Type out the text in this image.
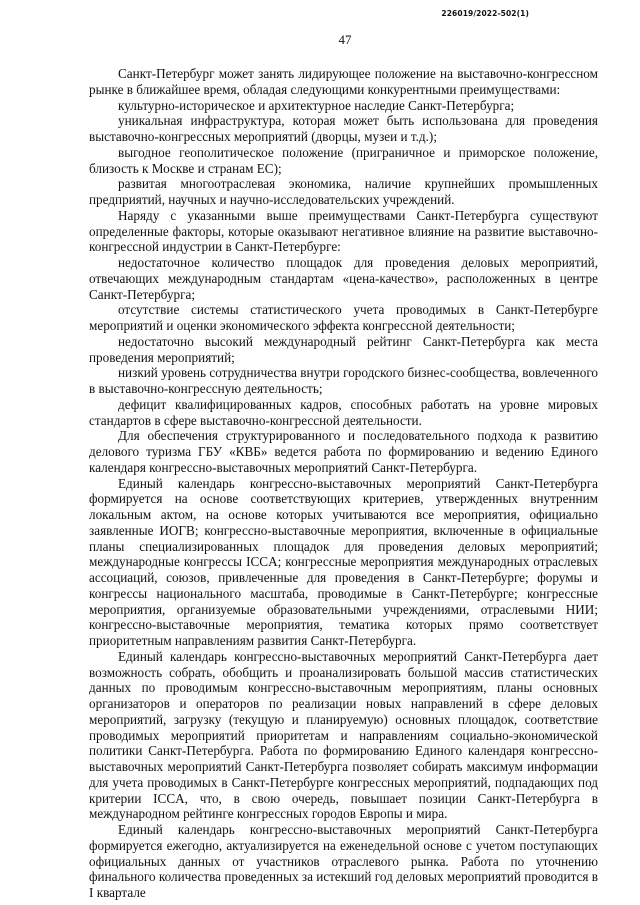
226019/2022-502(1)
47

Санкт-Петербург может занять лидирующее положение на выставочно-конгрессном рынке в ближайшее время, обладая следующими конкурентными преимуществами:

культурно-историческое и архитектурное наследие Санкт-Петербурга;

уникальная инфраструктура, которая может быть использована для проведения выставочно-конгрессных мероприятий (дворцы, музеи и т.д.);

выгодное геополитическое положение (приграничное и приморское положение, близость к Москве и странам ЕС);

развитая многоотраслевая экономика, наличие крупнейших промышленных предприятий, научных и научно-исследовательских учреждений.

Наряду с указанными выше преимуществами Санкт-Петербурга существуют определенные факторы, которые оказывают негативное влияние на развитие выставочно-конгрессной индустрии в Санкт-Петербурге:

недостаточное количество площадок для проведения деловых мероприятий, отвечающих международным стандартам «цена-качество», расположенных в центре Санкт-Петербурга;

отсутствие системы статистического учета проводимых в Санкт-Петербурге мероприятий и оценки экономического эффекта конгрессной деятельности;

недостаточно высокий международный рейтинг Санкт-Петербурга как места проведения мероприятий;

низкий уровень сотрудничества внутри городского бизнес-сообщества, вовлеченного в выставочно-конгрессную деятельность;

дефицит квалифицированных кадров, способных работать на уровне мировых стандартов в сфере выставочно-конгрессной деятельности.

Для обеспечения структурированного и последовательного подхода к развитию делового туризма ГБУ «КВБ» ведется работа по формированию и ведению Единого календаря конгрессно-выставочных мероприятий Санкт-Петербурга.

Единый календарь конгрессно-выставочных мероприятий Санкт-Петербурга формируется на основе соответствующих критериев, утвержденных внутренним локальным актом, на основе которых учитываются все мероприятия, официально заявленные ИОГВ; конгрессно-выставочные мероприятия, включенные в официальные планы специализированных площадок для проведения деловых мероприятий; международные конгрессы ICCA; конгрессные мероприятия международных отраслевых ассоциаций, союзов, привлеченные для проведения в Санкт-Петербурге; форумы и конгрессы национального масштаба, проводимые в Санкт-Петербурге; конгрессные мероприятия, организуемые образовательными учреждениями, отраслевыми НИИ; конгрессно-выставочные мероприятия, тематика которых прямо соответствует приоритетным направлениям развития Санкт-Петербурга.

Единый календарь конгрессно-выставочных мероприятий Санкт-Петербурга дает возможность собрать, обобщить и проанализировать большой массив статистических данных по проводимым конгрессно-выставочным мероприятиям, планы основных организаторов и операторов по реализации новых направлений в сфере деловых мероприятий, загрузку (текущую и планируемую) основных площадок, соответствие проводимых мероприятий приоритетам и направлениям социально-экономической политики Санкт-Петербурга. Работа по формированию Единого календаря конгрессно-выставочных мероприятий Санкт-Петербурга позволяет собирать максимум информации для учета проводимых в Санкт-Петербурге конгрессных мероприятий, подпадающих под критерии ICCA, что, в свою очередь, повышает позиции Санкт-Петербурга в международном рейтинге конгрессных городов Европы и мира.

Единый календарь конгрессно-выставочных мероприятий Санкт-Петербурга формируется ежегодно, актуализируется на еженедельной основе с учетом поступающих официальных данных от участников отраслевого рынка. Работа по уточнению финального количества проведенных за истекший год деловых мероприятий проводится в I квартале
